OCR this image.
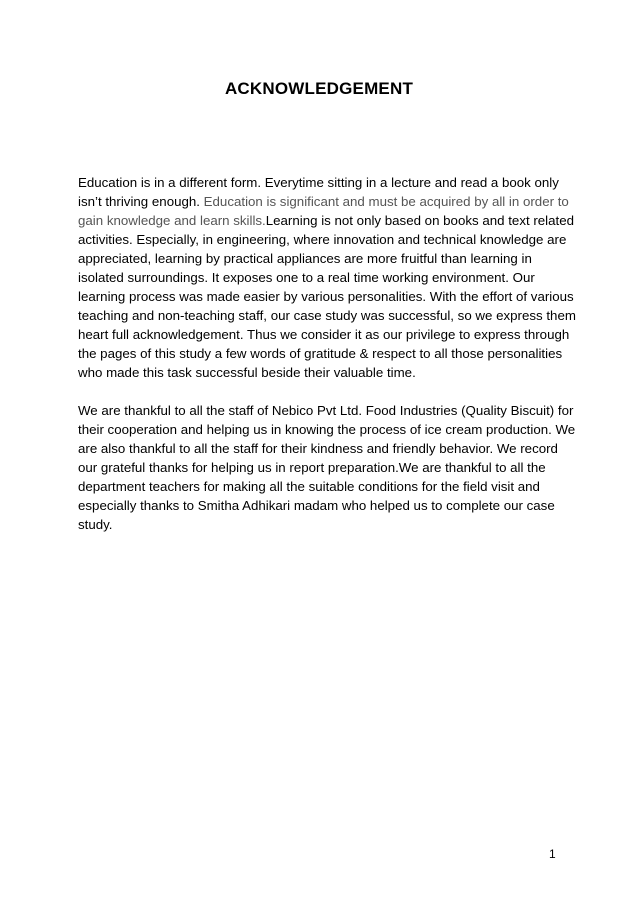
ACKNOWLEDGEMENT

Education is in a different form. Everytime sitting in a lecture and read a book only
isn’t thriving enough. Education is significant and must be acquired by all in order to
gain knowledge and learn skills.Learning is not only based on books and text related
activities. Especially, in engineering, where innovation and technical knowledge are
appreciated, learning by practical appliances are more fruitful than learning in
isolated surroundings. It exposes one to a real time working environment. Our
learning process was made easier by various personalities. With the effort of various
teaching and non-teaching staff, our case study was successful, so we express them
heart full acknowledgement. Thus we consider it as our privilege to express through
the pages of this study a few words of gratitude & respect to all those personalities
who made this task successful beside their valuable time.

We are thankful to all the staff of Nebico Pvt Ltd. Food Industries (Quality Biscuit) for
their cooperation and helping us in knowing the process of ice cream production. We
are also thankful to all the staff for their kindness and friendly behavior. We record
our grateful thanks for helping us in report preparation.We are thankful to all the
department teachers for making all the suitable conditions for the field visit and
especially thanks to Smitha Adhikari madam who helped us to complete our case
study.

1
